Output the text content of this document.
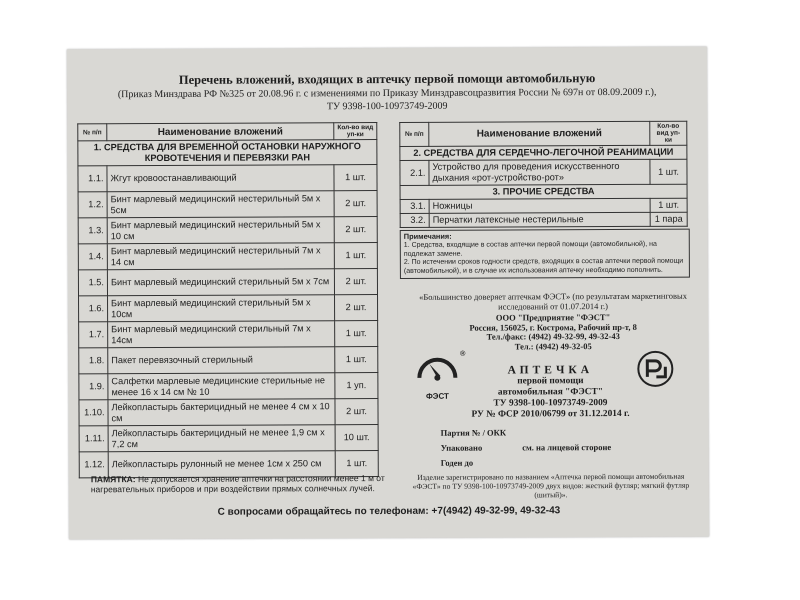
Перечень вложений, входящих в аптечку первой помощи автомобильную
(Приказ Минздрава РФ №325 от 20.08.96 г. с изменениями по Приказу Минздравсоцразвития России № 697н от 08.09.2009 г.),
ТУ 9398-100-10973749-2009
№ п/п	Наименование вложений	Кол-во вид уп-ки
1. СРЕДСТВА ДЛЯ ВРЕМЕННОЙ ОСТАНОВКИ НАРУЖНОГО КРОВОТЕЧЕНИЯ И ПЕРЕВЯЗКИ РАН		
1.1.	Жгут кровоостанавливающий	1 шт.
1.2.	Бинт марлевый медицинский нестерильный 5м х 5см	2 шт.
1.3.	Бинт марлевый медицинский нестерильный 5м х 10 см	2 шт.
1.4.	Бинт марлевый медицинский нестерильный 7м х 14 см	1 шт.
1.5.	Бинт марлевый медицинский стерильный 5м х 7см	2 шт.
1.6.	Бинт марлевый медицинский стерильный 5м х 10см	2 шт.
1.7.	Бинт марлевый медицинский стерильный 7м х 14см	1 шт.
1.8.	Пакет перевязочный стерильный	1 шт.
1.9.	Салфетки марлевые медицинские стерильные не менее 16 х 14 см № 10	1 уп.
1.10.	Лейкопластырь бактерицидный не менее 4 см х 10 см	2 шт.
1.11.	Лейкопластырь бактерицидный не менее 1,9 см х 7,2 см	10 шт.
1.12.	Лейкопластырь рулонный не менее 1см х 250 см	1 шт.
№ п/п	Наименование вложений	Кол-во вид уп-ки
2. СРЕДСТВА ДЛЯ СЕРДЕЧНО-ЛЕГОЧНОЙ РЕАНИМАЦИИ		
2.1.	Устройство для проведения искусственного дыхания «рот-устройство-рот»	1 шт.
3. ПРОЧИЕ СРЕДСТВА		
3.1.	Ножницы	1 шт.
3.2.	Перчатки латексные нестерильные	1 пара
Примечания:
1. Средства, входящие в состав аптечки первой помощи (автомобильной), на подлежат замене.
2. По истечении сроков годности средств, входящих в состав аптечки первой помощи (автомобильной), и в случае их использования аптечку необходимо пополнить.
«Большинство доверяет аптечкам ФЭСТ» (по результатам маркетинговых исследований от 01.07.2014 г.)
ООО "Предприятие "ФЭСТ"
Россия, 156025, г. Кострома, Рабочий пр-т, 8
Тел./факс: (4942) 49-32-99, 49-32-43
Тел.: (4942) 49-32-05
®
ФЭСТ
АПТЕЧКА
первой помощи
автомобильная "ФЭСТ"
ТУ 9398-100-10973749-2009
РУ № ФСР 2010/06799 от 31.12.2014 г.
Партия № / ОКК
Упаковано	см. на лицевой стороне
Годен до
Изделие зарегистрировано по названием «Аптечка первой помощи автомобильная «ФЭСТ» по ТУ 9398-100-10973749-2009 двух видов: жесткий футляр; мягкий футляр (шитый)».
ПАМЯТКА: Не допускается хранение аптечки на расстоянии менее 1 м от нагревательных приборов и при воздействии прямых солнечных лучей.
С вопросами обращайтесь по телефонам: +7(4942) 49-32-99, 49-32-43
